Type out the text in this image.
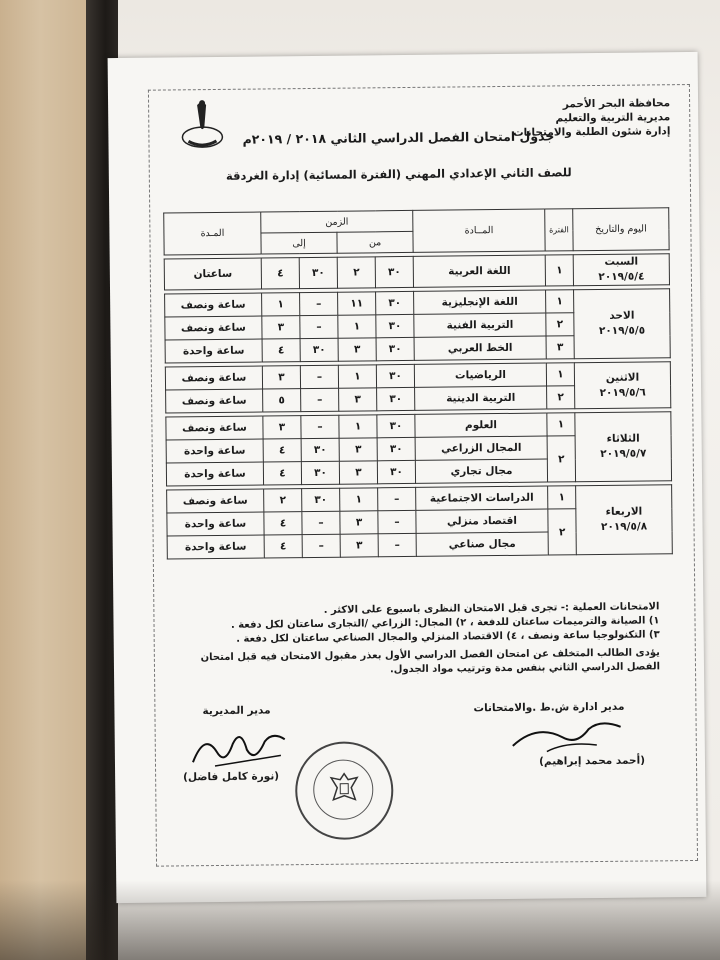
محافظة البحر الأحمر
مديرية التربية والتعليم
إدارة شئون الطلبة والامتحانات
جدول امتحان الفصل الدراسي الثاني ٢٠١٨ / ٢٠١٩م
للصف الثاني الإعدادي المهني (الفترة المسائية) إدارة الغردقة
اليوم والتاريخ	الفترة	المــادة	الزمن				المـدة
			من		إلى		

السبت
٢٠١٩/٥/٤	١	اللغة العربية	٣٠	٢	٣٠	٤	ساعتان

الاحد
٢٠١٩/٥/٥	١	اللغة الإنجليزية	٣٠	١١	–	١	ساعة ونصف
	٢	التربية الفنية	٣٠	١	–	٣	ساعة ونصف
	٣	الخط العربي	٣٠	٣	٣٠	٤	ساعة واحدة

الاثنين
٢٠١٩/٥/٦	١	الرياضيات	٣٠	١	–	٣	ساعة ونصف
	٢	التربية الدينية	٣٠	٣	–	٥	ساعة ونصف

الثلاثاء
٢٠١٩/٥/٧	١	العلوم	٣٠	١	–	٣	ساعة ونصف
	٢	المجال الزراعي	٣٠	٣	٣٠	٤	ساعة واحدة
		مجال تجاري	٣٠	٣	٣٠	٤	ساعة واحدة

الاربعاء
٢٠١٩/٥/٨	١	الدراسات الاجتماعية	–	١	٣٠	٢	ساعة ونصف
	٢	اقتصاد منزلي	–	٣	–	٤	ساعة واحدة
		مجال صناعي	–	٣	–	٤	ساعة واحدة
الامتحانات العملية :- تجرى قبل الامتحان النظرى باسبوع على الاكثر .
١) الصيانة والترميمات ساعتان للدفعة ، ٢) المجال: الزراعي /التجارى ساعتان لكل دفعة .
٣) التكنولوجيا ساعة ونصف ، ٤) الاقتصاد المنزلي والمجال الصناعي ساعتان لكل دفعة .
يؤدى الطالب المتخلف عن امتحان الفصل الدراسي الأول بعذر مقبول الامتحان فيه قبل امتحان
الفصل الدراسي الثاني بنفس مدة وترتيب مواد الجدول.
مدير المديرية
(نورة كامل فاضل)
مدير ادارة ش.ط .والامتحانات
(أحمد محمد إبراهيم)
